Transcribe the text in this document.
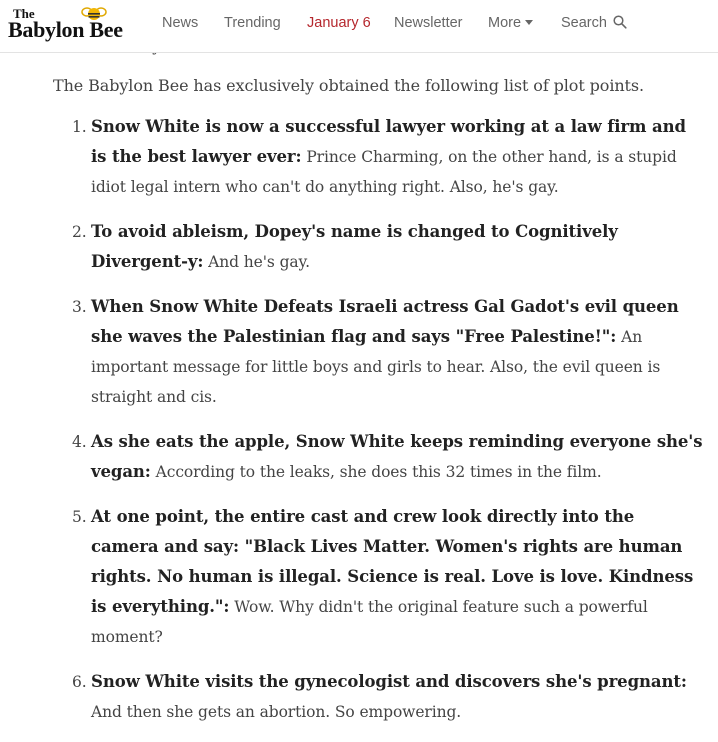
The
Babylon Bee	News Trending January 6 Newsletter More	Search

The Babylon Bee has exclusively obtained the following list of plot points.

1. Snow White is now a successful lawyer working at a law firm and is the best lawyer ever: Prince Charming, on the other hand, is a stupid idiot legal intern who can't do anything right. Also, he's gay.
2. To avoid ableism, Dopey's name is changed to Cognitively Divergent-y: And he's gay.
3. When Snow White Defeats Israeli actress Gal Gadot's evil queen she waves the Palestinian flag and says "Free Palestine!": An important message for little boys and girls to hear. Also, the evil queen is straight and cis.
4. As she eats the apple, Snow White keeps reminding everyone she's vegan: According to the leaks, she does this 32 times in the film.
5. At one point, the entire cast and crew look directly into the camera and say: "Black Lives Matter. Women's rights are human rights. No human is illegal. Science is real. Love is love. Kindness is everything.": Wow. Why didn't the original feature such a powerful moment?
6. Snow White visits the gynecologist and discovers she's pregnant: And then she gets an abortion. So empowering.
